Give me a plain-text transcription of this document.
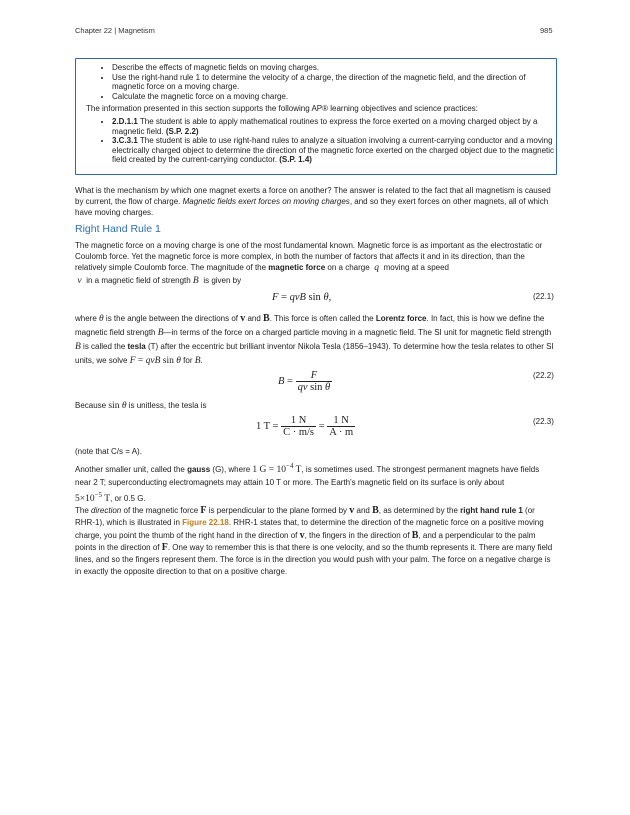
Chapter 22 | Magnetism	985
• Describe the effects of magnetic fields on moving charges.
• Use the right-hand rule 1 to determine the velocity of a charge, the direction of the magnetic field, and the direction of magnetic force on a moving charge.
• Calculate the magnetic force on a moving charge.

The information presented in this section supports the following AP® learning objectives and science practices:

• 2.D.1.1 The student is able to apply mathematical routines to express the force exerted on a moving charged object by a magnetic field. (S.P. 2.2)
• 3.C.3.1 The student is able to use right-hand rules to analyze a situation involving a current-carrying conductor and a moving electrically charged object to determine the direction of the magnetic force exerted on the charged object due to the magnetic field created by the current-carrying conductor. (S.P. 1.4)
What is the mechanism by which one magnet exerts a force on another? The answer is related to the fact that all magnetism is caused by current, the flow of charge. Magnetic fields exert forces on moving charges, and so they exert forces on other magnets, all of which have moving charges.
Right Hand Rule 1
The magnetic force on a moving charge is one of the most fundamental known. Magnetic force is as important as the electrostatic or Coulomb force. Yet the magnetic force is more complex, in both the number of factors that affects it and in its direction, than the relatively simple Coulomb force. The magnitude of the magnetic force on a charge  q  moving at a speed
v  in a magnetic field of strength B  is given by
F = qvB sin θ,	(22.1)
where θ is the angle between the directions of v and B. This force is often called the Lorentz force. In fact, this is how we define the magnetic field strength B—in terms of the force on a charged particle moving in a magnetic field. The SI unit for magnetic field strength B is called the tesla (T) after the eccentric but brilliant inventor Nikola Tesla (1856–1943). To determine how the tesla relates to other SI units, we solve F = qvB sin θ for B.
$B = \frac{F}{\text{qv sin θ}}$	(22.2)
Because sin θ is unitless, the tesla is
1 $T = \frac{1 N}{C \cdot m/s} = \frac{1 N}{A \cdot m}$	(22.3)
(note that C/s = A).
Another smaller unit, called the gauss (G), where 1 $G = 10^{-4}$ T, is sometimes used. The strongest permanent magnets have fields near 2 T; superconducting electromagnets may attain 10 T or more. The Earth's magnetic field on its surface is only about
$5\times 10^{-5}$ T, or 0.5 G.
The direction of the magnetic force F is perpendicular to the plane formed by v and B, as determined by the right hand rule 1 (or RHR-1), which is illustrated in Figure 22.18. RHR-1 states that, to determine the direction of the magnetic force on a positive moving charge, you point the thumb of the right hand in the direction of v, the fingers in the direction of B, and a perpendicular to the palm points in the direction of F. One way to remember this is that there is one velocity, and so the thumb represents it. There are many field lines, and so the fingers represent them. The force is in the direction you would push with your palm. The force on a negative charge is in exactly the opposite direction to that on a positive charge.
